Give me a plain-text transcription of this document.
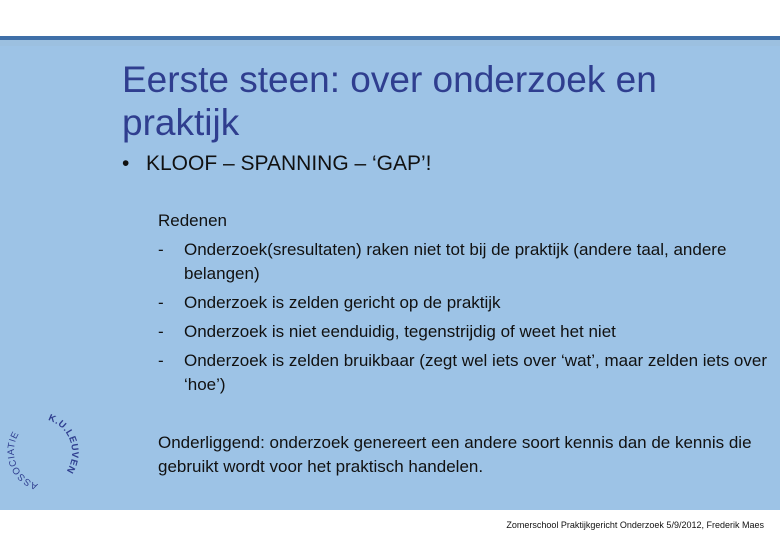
Eerste steen: over onderzoek en praktijk
• KLOOF – SPANNING – ‘GAP’!

Redenen

-	Onderzoek(sresultaten) raken niet tot bij de praktijk (andere taal, andere belangen)
-	Onderzoek is zelden gericht op de praktijk
-	Onderzoek is niet eenduidig, tegenstrijdig of weet het niet
-	Onderzoek is zelden bruikbaar (zegt wel iets over ‘wat’, maar zelden iets over ‘hoe’)

Onderliggend: onderzoek genereert een andere soort kennis dan de kennis die gebruikt wordt voor het praktisch handelen.

ASSOCIATIE
K.U.LEUVEN
Zomerschool Praktijkgericht Onderzoek 5/9/2012, Frederik Maes
